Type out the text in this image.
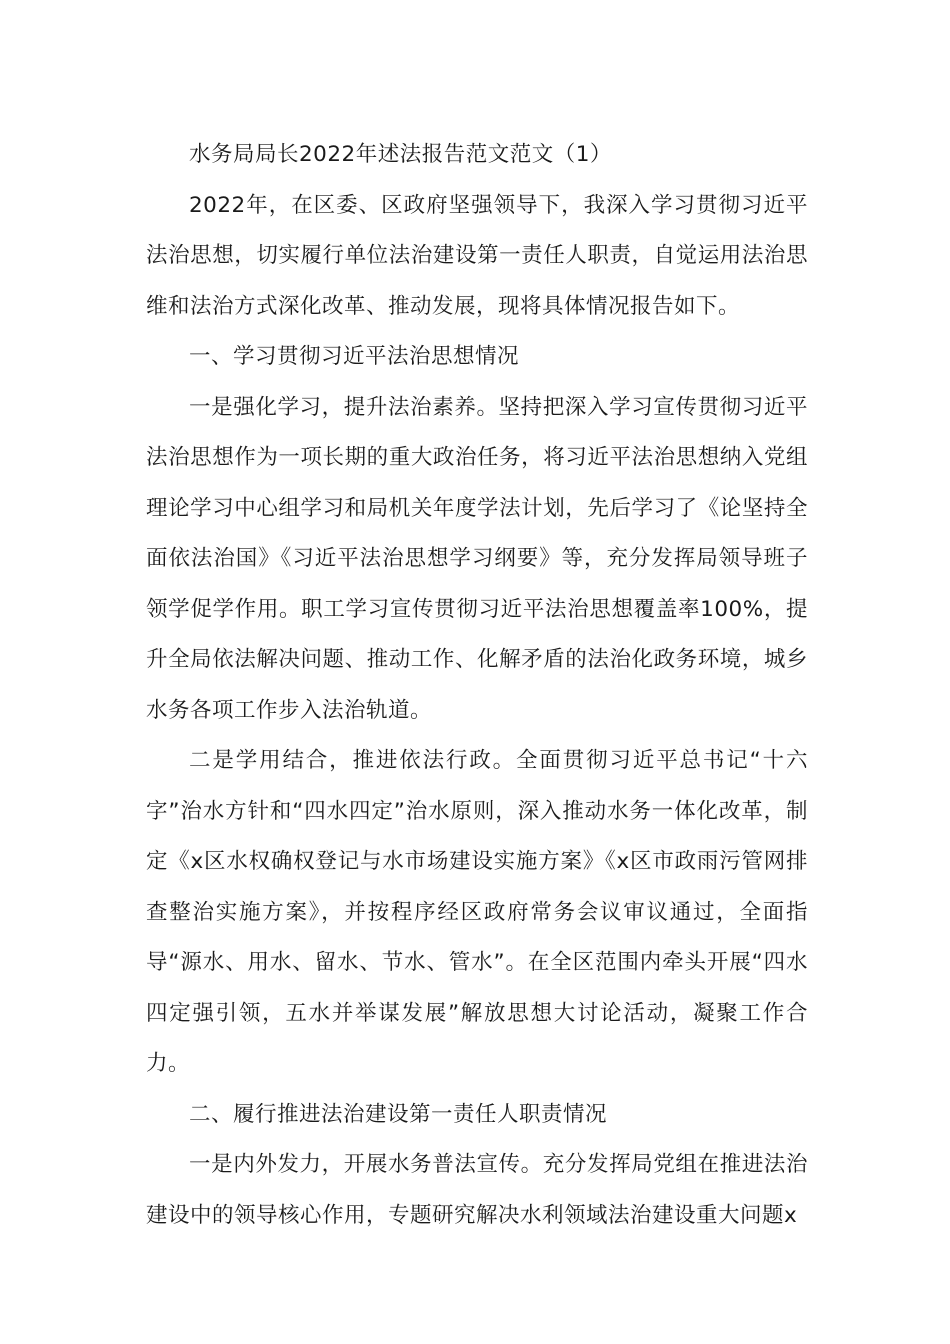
水务局局长2022年述法报告范文范文（1）

2022年，在区委、区政府坚强领导下，我深入学习贯彻习近平法治思想，切实履行单位法治建设第一责任人职责，自觉运用法治思维和法治方式深化改革、推动发展，现将具体情况报告如下。

一、学习贯彻习近平法治思想情况

一是强化学习，提升法治素养。坚持把深入学习宣传贯彻习近平法治思想作为一项长期的重大政治任务，将习近平法治思想纳入党组理论学习中心组学习和局机关年度学法计划，先后学习了《论坚持全面依法治国》《习近平法治思想学习纲要》等，充分发挥局领导班子领学促学作用。职工学习宣传贯彻习近平法治思想覆盖率100%，提升全局依法解决问题、推动工作、化解矛盾的法治化政务环境，城乡水务各项工作步入法治轨道。

二是学用结合，推进依法行政。全面贯彻习近平总书记“十六字”治水方针和“四水四定”治水原则，深入推动水务一体化改革，制定《x区水权确权登记与水市场建设实施方案》《x区市政雨污管网排查整治实施方案》，并按程序经区政府常务会议审议通过，全面指导“源水、用水、留水、节水、管水”。在全区范围内牵头开展“四水四定强引领，五水并举谋发展”解放思想大讨论活动，凝聚工作合力。

二、履行推进法治建设第一责任人职责情况

一是内外发力，开展水务普法宣传。充分发挥局党组在推进法治建设中的领导核心作用，专题研究解决水利领域法治建设重大问题x
